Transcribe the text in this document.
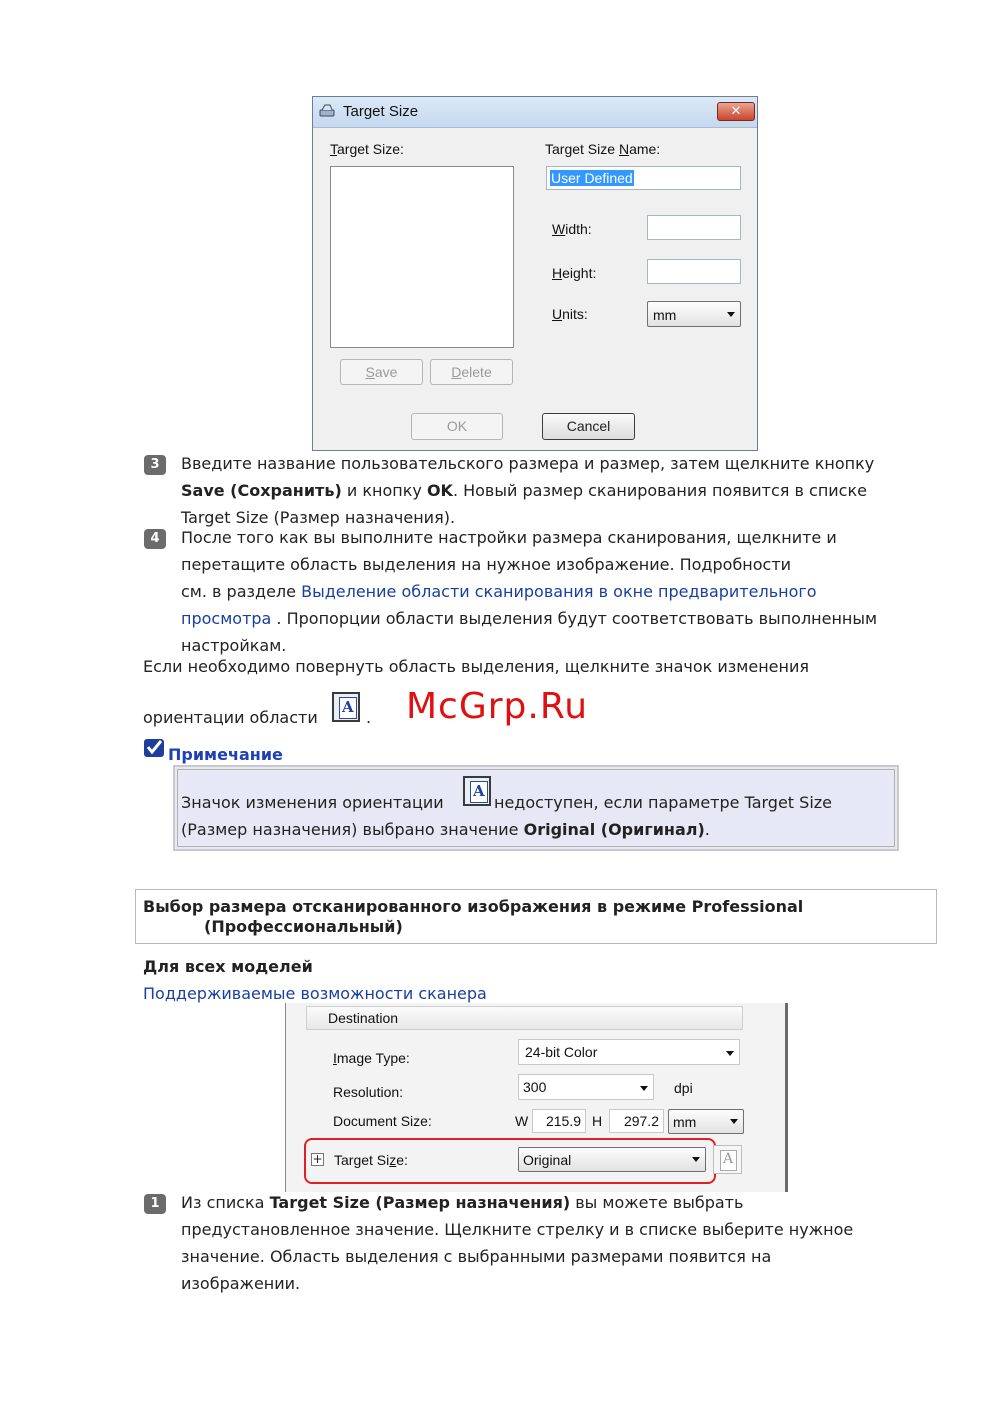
Target Size	✕
Target Size:	Target Size Name:
User Defined
Width:
Height:
Units:	mm
Save	Delete
OK	Cancel
3	Введите название пользовательского размера и размер, затем щелкните кнопку
Save (Сохранить) и кнопку OK. Новый размер сканирования появится в списке
Target Size (Размер назначения).
4	После того как вы выполните настройки размера сканирования, щелкните и
перетащите область выделения на нужное изображение. Подробности
см. в разделе Выделение области сканирования в окне предварительного
просмотра . Пропорции области выделения будут соответствовать выполненным
настройкам.
Если необходимо повернуть область выделения, щелкните значок изменения
ориентации области
A
. McGrp.Ru
Примечание
Значок изменения ориентации
A
недоступен, если параметре Target Size
(Размер назначения) выбрано значение Original (Оригинал).
Выбор размера отсканированного изображения в режиме Professional
(Профессиональный)
Для всех моделей
Поддерживаемые возможности сканера
Destination
Image Type:	24-bit Color
Resolution:	300	dpi
Document Size:	W 215.9 H 297.2 mm
+ Target Size:	Original	A
1	Из списка Target Size (Размер назначения) вы можете выбрать
предустановленное значение. Щелкните стрелку и в списке выберите нужное
значение. Область выделения с выбранными размерами появится на
изображении.
